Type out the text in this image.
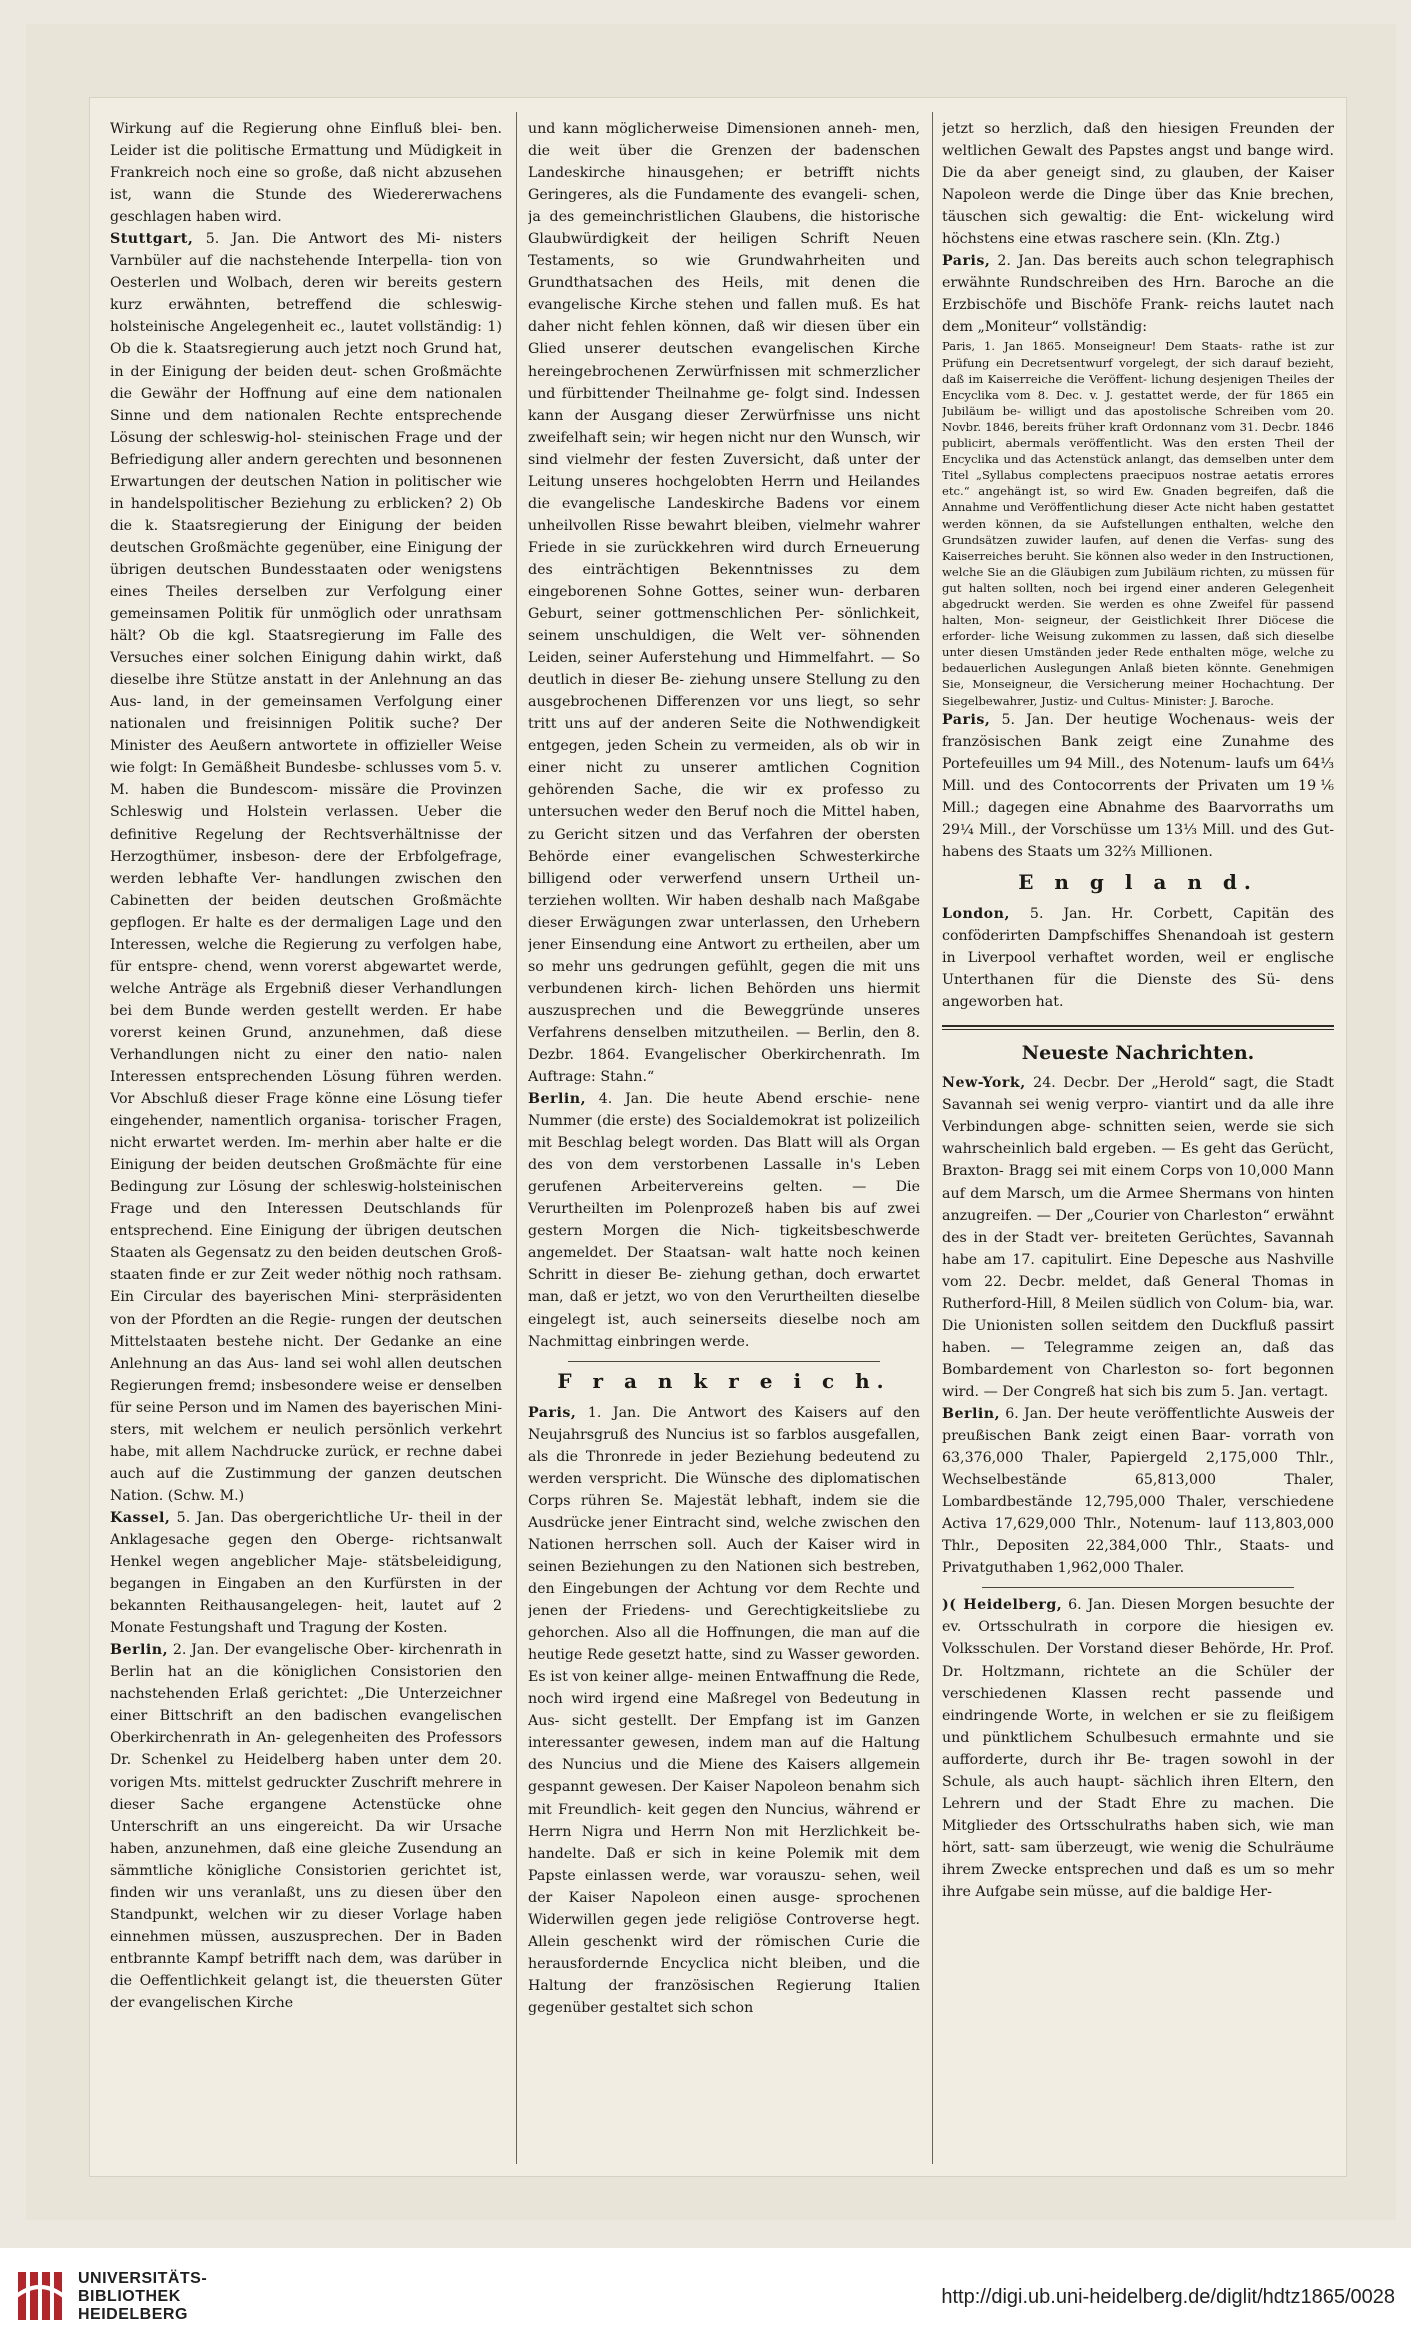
Wirkung auf die Regierung ohne Einfluß blei- ben. Leider ist die politische Ermattung und Müdigkeit in Frankreich noch eine so große, daß nicht abzusehen ist, wann die Stunde des Wiedererwachens geschlagen haben wird.

Stuttgart, 5. Jan. Die Antwort des Mi- nisters Varnbüler auf die nachstehende Interpella- tion von Oesterlen und Wolbach, deren wir bereits gestern kurz erwähnten, betreffend die schleswig- holsteinische Angelegenheit ec., lautet vollständig: 1) Ob die k. Staatsregierung auch jetzt noch Grund hat, in der Einigung der beiden deut- schen Großmächte die Gewähr der Hoffnung auf eine dem nationalen Sinne und dem nationalen Rechte entsprechende Lösung der schleswig-hol- steinischen Frage und der Befriedigung aller andern gerechten und besonnenen Erwartungen der deutschen Nation in politischer wie in handelspolitischer Beziehung zu erblicken? 2) Ob die k. Staatsregierung der Einigung der beiden deutschen Großmächte gegenüber, eine Einigung der übrigen deutschen Bundesstaaten oder wenigstens eines Theiles derselben zur Verfolgung einer gemeinsamen Politik für unmöglich oder unrathsam hält? Ob die kgl. Staatsregierung im Falle des Versuches einer solchen Einigung dahin wirkt, daß dieselbe ihre Stütze anstatt in der Anlehnung an das Aus- land, in der gemeinsamen Verfolgung einer nationalen und freisinnigen Politik suche? Der Minister des Aeußern antwortete in offizieller Weise wie folgt: In Gemäßheit Bundesbe- schlusses vom 5. v. M. haben die Bundescom- missäre die Provinzen Schleswig und Holstein verlassen. Ueber die definitive Regelung der Rechtsverhältnisse der Herzogthümer, insbeson- dere der Erbfolgefrage, werden lebhafte Ver- handlungen zwischen den Cabinetten der beiden deutschen Großmächte gepflogen. Er halte es der dermaligen Lage und den Interessen, welche die Regierung zu verfolgen habe, für entspre- chend, wenn vorerst abgewartet werde, welche Anträge als Ergebniß dieser Verhandlungen bei dem Bunde werden gestellt werden. Er habe vorerst keinen Grund, anzunehmen, daß diese Verhandlungen nicht zu einer den natio- nalen Interessen entsprechenden Lösung führen werden. Vor Abschluß dieser Frage könne eine Lösung tiefer eingehender, namentlich organisa- torischer Fragen, nicht erwartet werden. Im- merhin aber halte er die Einigung der beiden deutschen Großmächte für eine Bedingung zur Lösung der schleswig-holsteinischen Frage und den Interessen Deutschlands für entsprechend. Eine Einigung der übrigen deutschen Staaten als Gegensatz zu den beiden deutschen Groß- staaten finde er zur Zeit weder nöthig noch rathsam. Ein Circular des bayerischen Mini- sterpräsidenten von der Pfordten an die Regie- rungen der deutschen Mittelstaaten bestehe nicht. Der Gedanke an eine Anlehnung an das Aus- land sei wohl allen deutschen Regierungen fremd; insbesondere weise er denselben für seine Person und im Namen des bayerischen Mini- sters, mit welchem er neulich persönlich verkehrt habe, mit allem Nachdrucke zurück, er rechne dabei auch auf die Zustimmung der ganzen deutschen Nation. (Schw. M.)

Kassel, 5. Jan. Das obergerichtliche Ur- theil in der Anklagesache gegen den Oberge- richtsanwalt Henkel wegen angeblicher Maje- stätsbeleidigung, begangen in Eingaben an den Kurfürsten in der bekannten Reithausangelegen- heit, lautet auf 2 Monate Festungshaft und Tragung der Kosten.

Berlin, 2. Jan. Der evangelische Ober- kirchenrath in Berlin hat an die königlichen Consistorien den nachstehenden Erlaß gerichtet: „Die Unterzeichner einer Bittschrift an den badischen evangelischen Oberkirchenrath in An- gelegenheiten des Professors Dr. Schenkel zu Heidelberg haben unter dem 20. vorigen Mts. mittelst gedruckter Zuschrift mehrere in dieser Sache ergangene Actenstücke ohne Unterschrift an uns eingereicht. Da wir Ursache haben, anzunehmen, daß eine gleiche Zusendung an sämmtliche königliche Consistorien gerichtet ist, finden wir uns veranlaßt, uns zu diesen über den Standpunkt, welchen wir zu dieser Vorlage haben einnehmen müssen, auszusprechen. Der in Baden entbrannte Kampf betrifft nach dem, was darüber in die Oeffentlichkeit gelangt ist, die theuersten Güter der evangelischen Kirche

und kann möglicherweise Dimensionen anneh- men, die weit über die Grenzen der badenschen Landeskirche hinausgehen; er betrifft nichts Geringeres, als die Fundamente des evangeli- schen, ja des gemeinchristlichen Glaubens, die historische Glaubwürdigkeit der heiligen Schrift Neuen Testaments, so wie Grundwahrheiten und Grundthatsachen des Heils, mit denen die evangelische Kirche stehen und fallen muß. Es hat daher nicht fehlen können, daß wir diesen über ein Glied unserer deutschen evangelischen Kirche hereingebrochenen Zerwürfnissen mit schmerzlicher und fürbittender Theilnahme ge- folgt sind. Indessen kann der Ausgang dieser Zerwürfnisse uns nicht zweifelhaft sein; wir hegen nicht nur den Wunsch, wir sind vielmehr der festen Zuversicht, daß unter der Leitung unseres hochgelobten Herrn und Heilandes die evangelische Landeskirche Badens vor einem unheilvollen Risse bewahrt bleiben, vielmehr wahrer Friede in sie zurückkehren wird durch Erneuerung des einträchtigen Bekenntnisses zu dem eingeborenen Sohne Gottes, seiner wun- derbaren Geburt, seiner gottmenschlichen Per- sönlichkeit, seinem unschuldigen, die Welt ver- söhnenden Leiden, seiner Auferstehung und Himmelfahrt. — So deutlich in dieser Be- ziehung unsere Stellung zu den ausgebrochenen Differenzen vor uns liegt, so sehr tritt uns auf der anderen Seite die Nothwendigkeit entgegen, jeden Schein zu vermeiden, als ob wir in einer nicht zu unserer amtlichen Cognition gehörenden Sache, die wir ex professo zu untersuchen weder den Beruf noch die Mittel haben, zu Gericht sitzen und das Verfahren der obersten Behörde einer evangelischen Schwesterkirche billigend oder verwerfend unsern Urtheil un- terziehen wollten. Wir haben deshalb nach Maßgabe dieser Erwägungen zwar unterlassen, den Urhebern jener Einsendung eine Antwort zu ertheilen, aber um so mehr uns gedrungen gefühlt, gegen die mit uns verbundenen kirch- lichen Behörden uns hiermit auszusprechen und die Beweggründe unseres Verfahrens denselben mitzutheilen. — Berlin, den 8. Dezbr. 1864. Evangelischer Oberkirchenrath. Im Auftrage: Stahn.“

Berlin, 4. Jan. Die heute Abend erschie- nene Nummer (die erste) des Socialdemokrat ist polizeilich mit Beschlag belegt worden. Das Blatt will als Organ des von dem verstorbenen Lassalle in's Leben gerufenen Arbeitervereins gelten. — Die Verurtheilten im Polenprozeß haben bis auf zwei gestern Morgen die Nich- tigkeitsbeschwerde angemeldet. Der Staatsan- walt hatte noch keinen Schritt in dieser Be- ziehung gethan, doch erwartet man, daß er jetzt, wo von den Verurtheilten dieselbe eingelegt ist, auch seinerseits dieselbe noch am Nachmittag einbringen werde.

F r a n k r e i c h.

Paris, 1. Jan. Die Antwort des Kaisers auf den Neujahrsgruß des Nuncius ist so farblos ausgefallen, als die Thronrede in jeder Beziehung bedeutend zu werden verspricht. Die Wünsche des diplomatischen Corps rühren Se. Majestät lebhaft, indem sie die Ausdrücke jener Eintracht sind, welche zwischen den Nationen herrschen soll. Auch der Kaiser wird in seinen Beziehungen zu den Nationen sich bestreben, den Eingebungen der Achtung vor dem Rechte und jenen der Friedens- und Gerechtigkeitsliebe zu gehorchen. Also all die Hoffnungen, die man auf die heutige Rede gesetzt hatte, sind zu Wasser geworden. Es ist von keiner allge- meinen Entwaffnung die Rede, noch wird irgend eine Maßregel von Bedeutung in Aus- sicht gestellt. Der Empfang ist im Ganzen interessanter gewesen, indem man auf die Haltung des Nuncius und die Miene des Kaisers allgemein gespannt gewesen. Der Kaiser Napoleon benahm sich mit Freundlich- keit gegen den Nuncius, während er Herrn Nigra und Herrn Non mit Herzlichkeit be- handelte. Daß er sich in keine Polemik mit dem Papste einlassen werde, war vorauszu- sehen, weil der Kaiser Napoleon einen ausge- sprochenen Widerwillen gegen jede religiöse Controverse hegt. Allein geschenkt wird der römischen Curie die herausfordernde Encyclica nicht bleiben, und die Haltung der französischen Regierung Italien gegenüber gestaltet sich schon

jetzt so herzlich, daß den hiesigen Freunden der weltlichen Gewalt des Papstes angst und bange wird. Die da aber geneigt sind, zu glauben, der Kaiser Napoleon werde die Dinge über das Knie brechen, täuschen sich gewaltig: die Ent- wickelung wird höchstens eine etwas raschere sein. (Kln. Ztg.)

Paris, 2. Jan. Das bereits auch schon telegraphisch erwähnte Rundschreiben des Hrn. Baroche an die Erzbischöfe und Bischöfe Frank- reichs lautet nach dem „Moniteur“ vollständig:

Paris, 1. Jan 1865. Monseigneur! Dem Staats- rathe ist zur Prüfung ein Decretsentwurf vorgelegt, der sich darauf bezieht, daß im Kaiserreiche die Veröffent- lichung desjenigen Theiles der Encyclika vom 8. Dec. v. J. gestattet werde, der für 1865 ein Jubiläum be- willigt und das apostolische Schreiben vom 20. Novbr. 1846, bereits früher kraft Ordonnanz vom 31. Decbr. 1846 publicirt, abermals veröffentlicht. Was den ersten Theil der Encyclika und das Actenstück anlangt, das demselben unter dem Titel „Syllabus complectens praecipuos nostrae aetatis errores etc.“ angehängt ist, so wird Ew. Gnaden begreifen, daß die Annahme und Veröffentlichung dieser Acte nicht haben gestattet werden können, da sie Aufstellungen enthalten, welche den Grundsätzen zuwider laufen, auf denen die Verfas- sung des Kaiserreiches beruht. Sie können also weder in den Instructionen, welche Sie an die Gläubigen zum Jubiläum richten, zu müssen für gut halten sollten, noch bei irgend einer anderen Gelegenheit abgedruckt werden. Sie werden es ohne Zweifel für passend halten, Mon- seigneur, der Geistlichkeit Ihrer Diöcese die erforder- liche Weisung zukommen zu lassen, daß sich dieselbe unter diesen Umständen jeder Rede enthalten möge, welche zu bedauerlichen Auslegungen Anlaß bieten könnte. Genehmigen Sie, Monseigneur, die Versicherung meiner Hochachtung. Der Siegelbewahrer, Justiz- und Cultus- Minister: J. Baroche.

Paris, 5. Jan. Der heutige Wochenaus- weis der französischen Bank zeigt eine Zunahme des Portefeuilles um 94 Mill., des Notenum- laufs um 64⅓ Mill. und des Contocorrents der Privaten um 19⅙ Mill.; dagegen eine Abnahme des Baarvorraths um 29¼ Mill., der Vorschüsse um 13⅓ Mill. und des Gut- habens des Staats um 32⅔ Millionen.

E n g l a n d.

London, 5. Jan. Hr. Corbett, Capitän des conföderirten Dampfschiffes Shenandoah ist gestern in Liverpool verhaftet worden, weil er englische Unterthanen für die Dienste des Sü- dens angeworben hat.

Neueste Nachrichten.

New-York, 24. Decbr. Der „Herold“ sagt, die Stadt Savannah sei wenig verpro- viantirt und da alle ihre Verbindungen abge- schnitten seien, werde sie sich wahrscheinlich bald ergeben. — Es geht das Gerücht, Braxton- Bragg sei mit einem Corps von 10,000 Mann auf dem Marsch, um die Armee Shermans von hinten anzugreifen. — Der „Courier von Charleston“ erwähnt des in der Stadt ver- breiteten Gerüchtes, Savannah habe am 17. capitulirt. Eine Depesche aus Nashville vom 22. Decbr. meldet, daß General Thomas in Rutherford-Hill, 8 Meilen südlich von Colum- bia, war. Die Unionisten sollen seitdem den Duckfluß passirt haben. — Telegramme zeigen an, daß das Bombardement von Charleston so- fort begonnen wird. — Der Congreß hat sich bis zum 5. Jan. vertagt.

Berlin, 6. Jan. Der heute veröffentlichte Ausweis der preußischen Bank zeigt einen Baar- vorrath von 63,376,000 Thaler, Papiergeld 2,175,000 Thlr., Wechselbestände 65,813,000 Thaler, Lombardbestände 12,795,000 Thaler, verschiedene Activa 17,629,000 Thlr., Notenum- lauf 113,803,000 Thlr., Depositen 22,384,000 Thlr., Staats- und Privatguthaben 1,962,000 Thaler.

)( Heidelberg, 6. Jan. Diesen Morgen besuchte der ev. Ortsschulrath in corpore die hiesigen ev. Volksschulen. Der Vorstand dieser Behörde, Hr. Prof. Dr. Holtzmann, richtete an die Schüler der verschiedenen Klassen recht passende und eindringende Worte, in welchen er sie zu fleißigem und pünktlichem Schulbesuch ermahnte und sie aufforderte, durch ihr Be- tragen sowohl in der Schule, als auch haupt- sächlich ihren Eltern, den Lehrern und der Stadt Ehre zu machen. Die Mitglieder des Ortsschulraths haben sich, wie man hört, satt- sam überzeugt, wie wenig die Schulräume ihrem Zwecke entsprechen und daß es um so mehr ihre Aufgabe sein müsse, auf die baldige Her-

UNIVERSITÄTS-
BIBLIOTHEK
HEIDELBERG
http://digi.ub.uni-heidelberg.de/diglit/hdtz1865/0028
